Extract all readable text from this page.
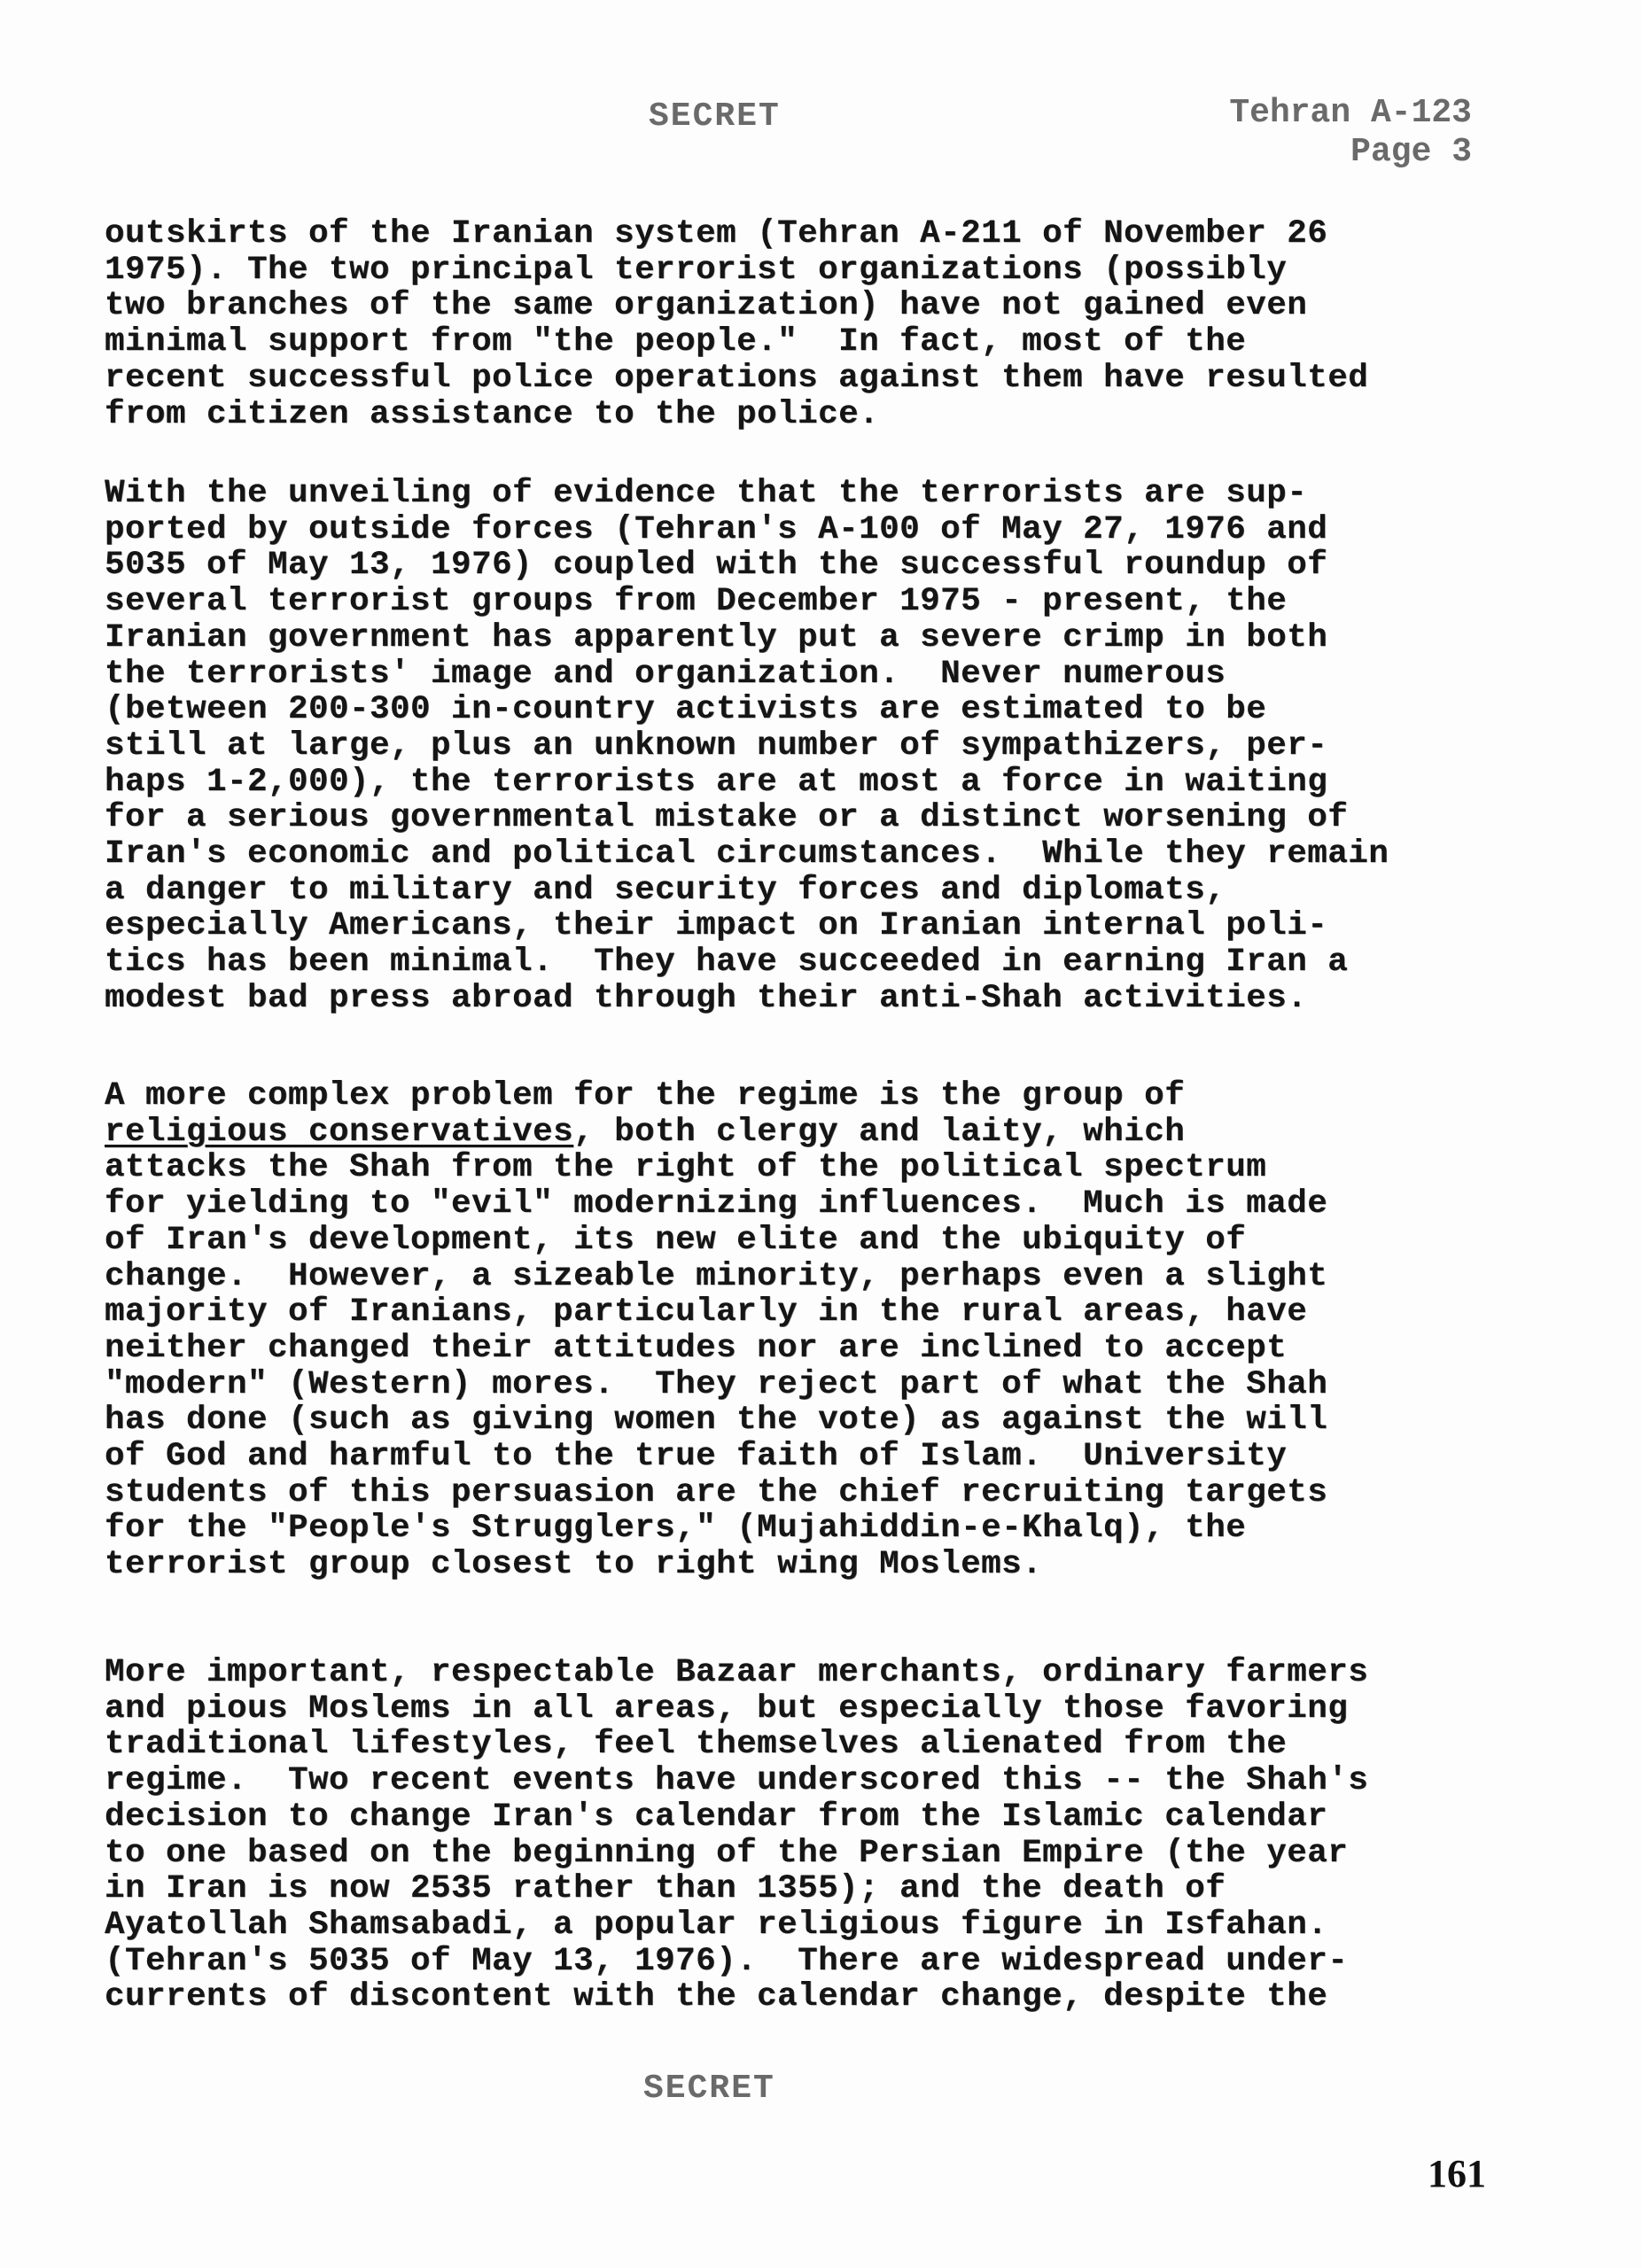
SECRET	Tehran A-123
Page 3
outskirts of the Iranian system (Tehran A-211 of November 26
1975). The two principal terrorist organizations (possibly
two branches of the same organization) have not gained even
minimal support from "the people."  In fact, most of the
recent successful police operations against them have resulted
from citizen assistance to the police.
With the unveiling of evidence that the terrorists are sup-
ported by outside forces (Tehran's A-100 of May 27, 1976 and
5035 of May 13, 1976) coupled with the successful roundup of
several terrorist groups from December 1975 - present, the
Iranian government has apparently put a severe crimp in both
the terrorists' image and organization.  Never numerous
(between 200-300 in-country activists are estimated to be
still at large, plus an unknown number of sympathizers, per-
haps 1-2,000), the terrorists are at most a force in waiting
for a serious governmental mistake or a distinct worsening of
Iran's economic and political circumstances.  While they remain
a danger to military and security forces and diplomats,
especially Americans, their impact on Iranian internal poli-
tics has been minimal.  They have succeeded in earning Iran a
modest bad press abroad through their anti-Shah activities.
A more complex problem for the regime is the group of
religious conservatives, both clergy and laity, which
attacks the Shah from the right of the political spectrum
for yielding to "evil" modernizing influences.  Much is made
of Iran's development, its new elite and the ubiquity of
change.  However, a sizeable minority, perhaps even a slight
majority of Iranians, particularly in the rural areas, have
neither changed their attitudes nor are inclined to accept
"modern" (Western) mores.  They reject part of what the Shah
has done (such as giving women the vote) as against the will
of God and harmful to the true faith of Islam.  University
students of this persuasion are the chief recruiting targets
for the "People's Strugglers," (Mujahiddin-e-Khalq), the
terrorist group closest to right wing Moslems.
More important, respectable Bazaar merchants, ordinary farmers
and pious Moslems in all areas, but especially those favoring
traditional lifestyles, feel themselves alienated from the
regime.  Two recent events have underscored this -- the Shah's
decision to change Iran's calendar from the Islamic calendar
to one based on the beginning of the Persian Empire (the year
in Iran is now 2535 rather than 1355); and the death of
Ayatollah Shamsabadi, a popular religious figure in Isfahan.
(Tehran's 5035 of May 13, 1976).  There are widespread under-
currents of discontent with the calendar change, despite the
SECRET
161
